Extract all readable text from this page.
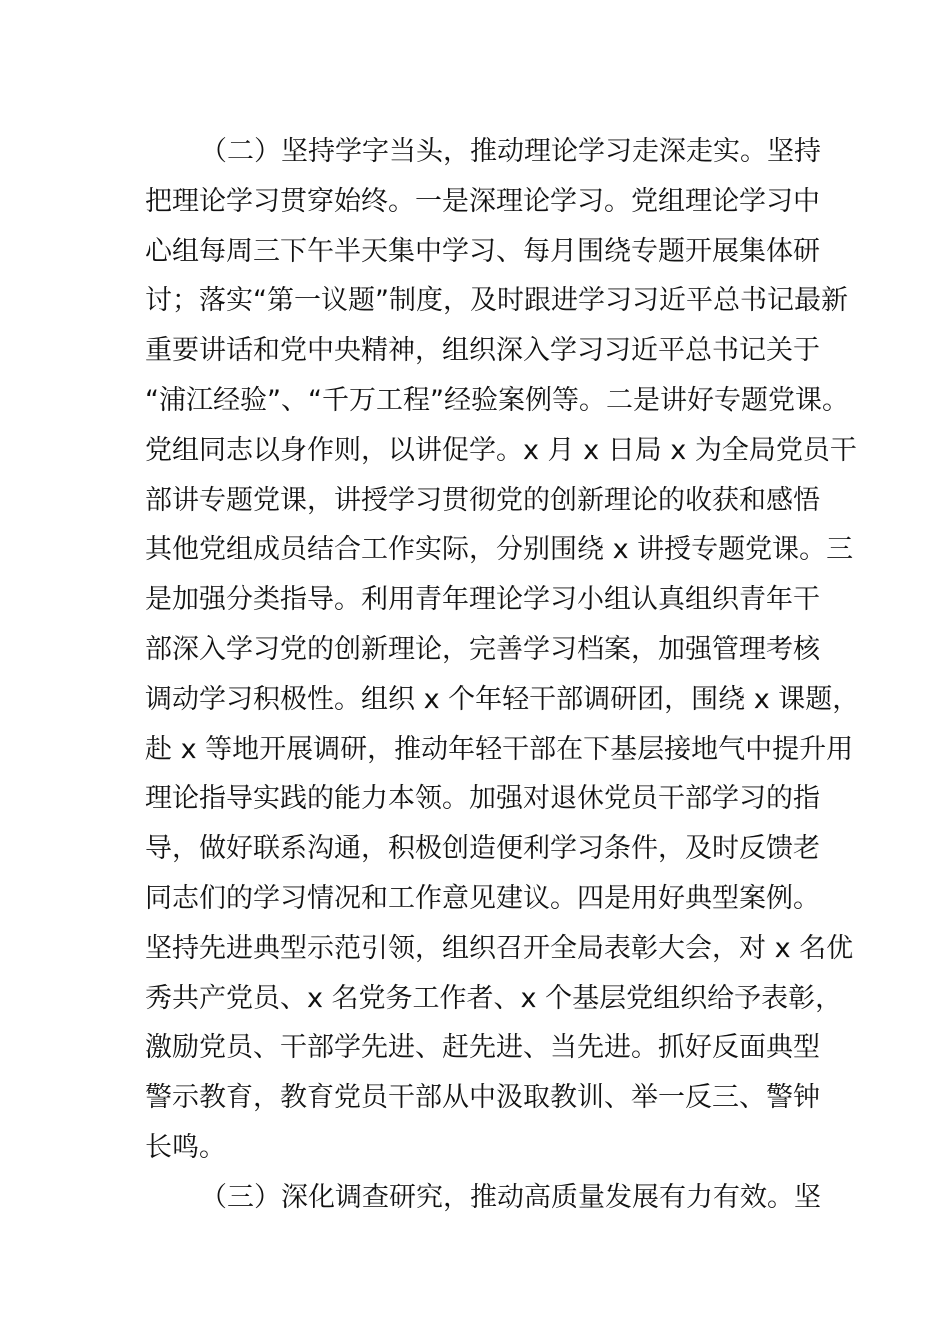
（二）坚持学字当头，推动理论学习走深走实。坚持
把理论学习贯穿始终。一是深理论学习。党组理论学习中
心组每周三下午半天集中学习、每月围绕专题开展集体研
讨；落实“第一议题”制度，及时跟进学习习近平总书记最新
重要讲话和党中央精神，组织深入学习习近平总书记关于
“浦江经验”、“千万工程”经验案例等。二是讲好专题党课。
党组同志以身作则，以讲促学。x 月 x 日局 x 为全局党员干
部讲专题党课，讲授学习贯彻党的创新理论的收获和感悟
其他党组成员结合工作实际，分别围绕 x 讲授专题党课。三
是加强分类指导。利用青年理论学习小组认真组织青年干
部深入学习党的创新理论，完善学习档案，加强管理考核
调动学习积极性。组织 x 个年轻干部调研团，围绕 x 课题，
赴 x 等地开展调研，推动年轻干部在下基层接地气中提升用
理论指导实践的能力本领。加强对退休党员干部学习的指
导，做好联系沟通，积极创造便利学习条件，及时反馈老
同志们的学习情况和工作意见建议。四是用好典型案例。
坚持先进典型示范引领，组织召开全局表彰大会，对 x 名优
秀共产党员、x 名党务工作者、x 个基层党组织给予表彰，
激励党员、干部学先进、赶先进、当先进。抓好反面典型
警示教育，教育党员干部从中汲取教训、举一反三、警钟
长鸣。
（三）深化调查研究，推动高质量发展有力有效。坚
